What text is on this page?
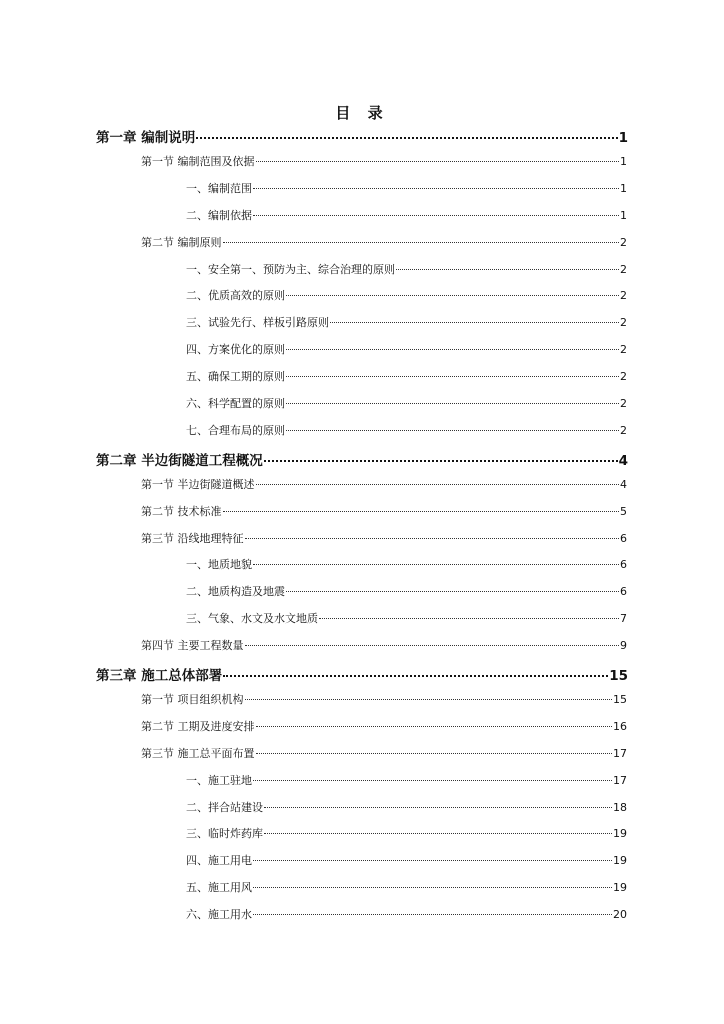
目 录
第一章 编制说明	1
第一节 编制范围及依据	1
一、编制范围	1
二、编制依据	1
第二节 编制原则	2
一、安全第一、预防为主、综合治理的原则	2
二、优质高效的原则	2
三、试验先行、样板引路原则	2
四、方案优化的原则	2
五、确保工期的原则	2
六、科学配置的原则	2
七、合理布局的原则	2
第二章 半边街隧道工程概况	4
第一节 半边街隧道概述	4
第二节 技术标准	5
第三节 沿线地理特征	6
一、地质地貌	6
二、地质构造及地震	6
三、气象、水文及水文地质	7
第四节 主要工程数量	9
第三章 施工总体部署	15
第一节 项目组织机构	15
第二节 工期及进度安排	16
第三节 施工总平面布置	17
一、施工驻地	17
二、拌合站建设	18
三、临时炸药库	19
四、施工用电	19
五、施工用风	19
六、施工用水	20
